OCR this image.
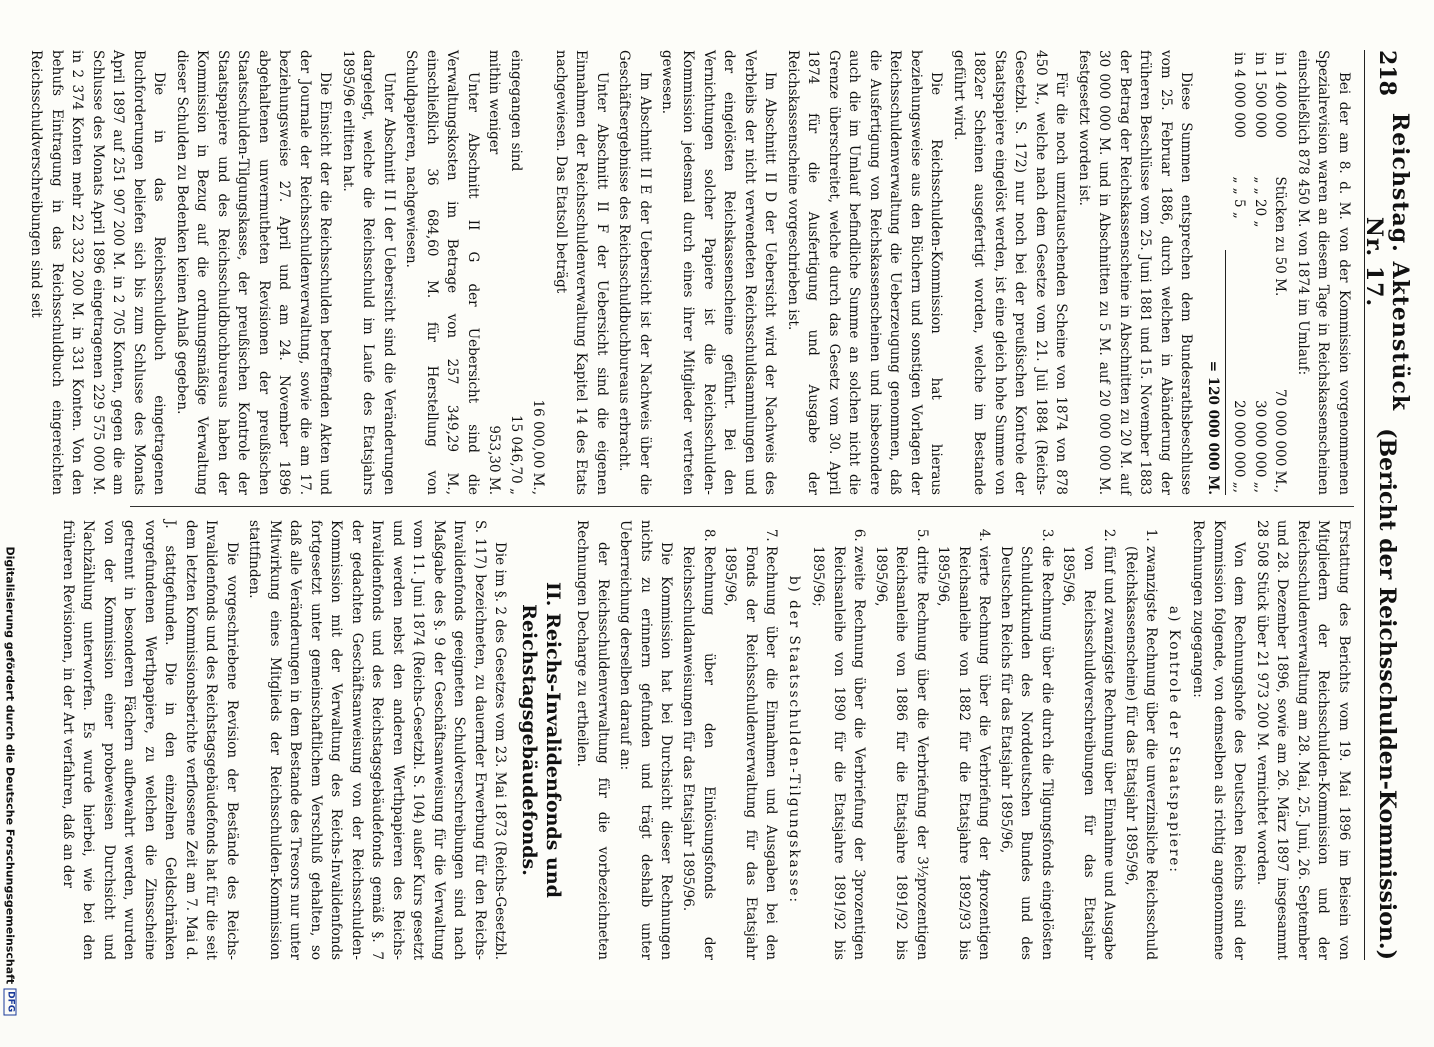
218
Reichstag. Aktenstück Nr. 17.
(Bericht der Reichsschulden-Kommission.)

Bei der am 8. d. M. von der Kommission vorgenommenen Spezialrevision waren an diesem Tage in Reichskassenscheinen einschließlich 878 450 M. von 1874 im Umlauf:

in 1 400 000	Stücken zu 50 M.	70 000 000 M.,
in 1 500 000	„ „ 20 „	30 000 000 „,
in 4 000 000	„ „ 5 „	20 000 000 „,
= 120 000 000 M.

Diese Summen entsprechen dem Bundesrathsbeschlusse vom 25. Februar 1886, durch welchen in Abänderung der früheren Beschlüsse vom 25. Juni 1881 und 15. November 1883 der Betrag der Reichskassenscheine in Abschnitten zu 20 M. auf 30 000 000 M. und in Abschnitten zu 5 M. auf 20 000 000 M. festgesetzt worden ist.

Für die noch umzutauschenden Scheine von 1874 von 878 450 M., welche nach dem Gesetze vom 21. Juli 1884 (Reichs-Gesetzbl. S. 172) nur noch bei der preußischen Kontrole der Staatspapiere eingelöst werden, ist eine gleich hohe Summe von 1882er Scheinen ausgefertigt worden, welche im Bestande geführt wird.

Die Reichsschulden-Kommission hat hieraus beziehungsweise aus den Büchern und sonstigen Vorlagen der Reichsschuldenverwaltung die Ueberzeugung genommen, daß die Ausfertigung von Reichskassenscheinen und insbesondere auch die im Umlauf befindliche Summe an solchen nicht die Grenze überschreitet, welche durch das Gesetz vom 30. April 1874 für die Ausfertigung und Ausgabe der Reichskassenscheine vorgeschrieben ist.

Im Abschnitt II D der Uebersicht wird der Nachweis des Verbleibs der nicht verwendeten Reichsschuldsammlungen und der eingelösten Reichskassenscheine geführt. Bei den Vernichtungen solcher Papiere ist die Reichsschulden-Kommission jedesmal durch eines ihrer Mitglieder vertreten gewesen.

Im Abschnitt II E der Uebersicht ist der Nachweis über die Geschäftsergebnisse des Reichsschuldbuchbureaus erbracht.

Unter Abschnitt II F der Uebersicht sind die eigenen Einnahmen der Reichsschuldenverwaltung Kapitel 14 des Etats nachgewiesen. Das Etatsoll beträgt

16 000,00 M.,
eingegangen sind
15 046,70 „
mithin weniger
953,30 M.

Unter Abschnitt II G der Uebersicht sind die Verwaltungskosten im Betrage von 257 349,29 M., einschließlich 36 684,60 M. für Herstellung von Schuldpapieren, nachgewiesen.

Unter Abschnitt II I der Uebersicht sind die Veränderungen dargelegt, welche die Reichsschuld im Laufe des Etatsjahrs 1895/96 erlitten hat.

Die Einsicht der die Reichsschulden betreffenden Akten und der Journale der Reichsschuldenverwaltung, sowie die am 17. beziehungsweise 27. April und am 24. November 1896 abgehaltenen unvermutheten Revisionen der preußischen Staatsschulden-Tilgungskasse, der preußischen Kontrole der Staatspapiere und des Reichsschuldbuchbureaus haben der Kommission in Bezug auf die ordnungsmäßige Verwaltung dieser Schulden zu Bedenken keinen Anlaß gegeben.

Die in das Reichsschuldbuch eingetragenen Buchforderungen beliefen sich bis zum Schlusse des Monats April 1897 auf 251 907 200 M. in 2 705 Konten, gegen die am Schlusse des Monats April 1896 eingetragenen 229 575 000 M. in 2 374 Konten mehr 22 332 200 M. in 331 Konten. Von den behufs Eintragung in das Reichsschuldbuch eingereichten Reichsschuldverschreibungen sind seit

Erstattung des Berichts vom 19. Mai 1896 im Beisein von Mitgliedern der Reichsschulden-Kommission und der Reichsschuldenverwaltung am 28. Mai, 25. Juni, 26. September und 28. Dezember 1896, sowie am 26. März 1897 insgesammt 28 508 Stück über 21 973 200 M. vernichtet worden.

Von dem Rechnungshofe des Deutschen Reichs sind der Kommission folgende, von demselben als richtig angenommene Rechnungen zugegangen:

a) Kontrole der Staatspapiere:
1. zwanzigste Rechnung über die unverzinsliche Reichsschuld (Reichskassenscheine) für das Etatsjahr 1895/96,
2. fünf und zwanzigste Rechnung über Einnahme und Ausgabe von Reichsschuldverschreibungen für das Etatsjahr 1895/96,
3. die Rechnung über die durch die Tilgungsfonds eingelösten Schuldurkunden des Norddeutschen Bundes und des Deutschen Reichs für das Etatsjahr 1895/96,
4. vierte Rechnung über die Verbriefung der 4prozentigen Reichsanleihe von 1882 für die Etatsjahre 1892/93 bis 1895/96,
5. dritte Rechnung über die Verbriefung der 3½prozentigen Reichsanleihe von 1886 für die Etatsjahre 1891/92 bis 1895/96,
6. zweite Rechnung über die Verbriefung der 3prozentigen Reichsanleihe von 1890 für die Etatsjahre 1891/92 bis 1895/96;
b) der Staatsschulden-Tilgungskasse:
7. Rechnung über die Einnahmen und Ausgaben bei den Fonds der Reichsschuldenverwaltung für das Etatsjahr 1895/96,
8. Rechnung über den Einlösungsfonds der Reichsschuldanweisungen für das Etatsjahr 1895/96.

Die Kommission hat bei Durchsicht dieser Rechnungen nichts zu erinnern gefunden und trägt deshalb unter Ueberreichung derselben darauf an:

der Reichsschuldenverwaltung für die vorbezeichneten Rechnungen Decharge zu ertheilen.

II. Reichs-Invalidenfonds und Reichstagsgebäudefonds.

Die im §. 2 des Gesetzes vom 23. Mai 1873 (Reichs-Gesetzbl. S. 117) bezeichneten, zu dauernder Erwerbung für den Reichs-Invalidenfonds geeigneten Schuldverschreibungen sind nach Maßgabe des §. 9 der Geschäftsanweisung für die Verwaltung vom 11. Juni 1874 (Reichs-Gesetzbl. S. 104) außer Kurs gesetzt und werden nebst den anderen Werthpapieren des Reichs-Invalidenfonds und des Reichstagsgebäudefonds gemäß §. 7 der gedachten Geschäftsanweisung von der Reichsschulden-Kommission mit der Verwaltung des Reichs-Invalidenfonds fortgesetzt unter gemeinschaftlichem Verschluß gehalten, so daß alle Veränderungen in dem Bestande des Tresors nur unter Mitwirkung eines Mitglieds der Reichsschulden-Kommission stattfinden.

Die vorgeschriebene Revision der Bestände des Reichs-Invalidenfonds und des Reichstagsgebäudefonds hat für die seit dem letzten Kommissionsberichte verflossene Zeit am 7. Mai d. J. stattgefunden. Die in den einzelnen Geldschränken vorgefundenen Werthpapiere, zu welchen die Zinsscheine getrennt in besonderen Fächern aufbewahrt werden, wurden von der Kommission einer probeweisen Durchsicht und Nachzählung unterworfen. Es wurde hierbei, wie bei den früheren Revisionen, in der Art verfahren, daß an der

Digitalisierung gefördert durch die Deutsche Forschungsgemeinschaft
DFG
